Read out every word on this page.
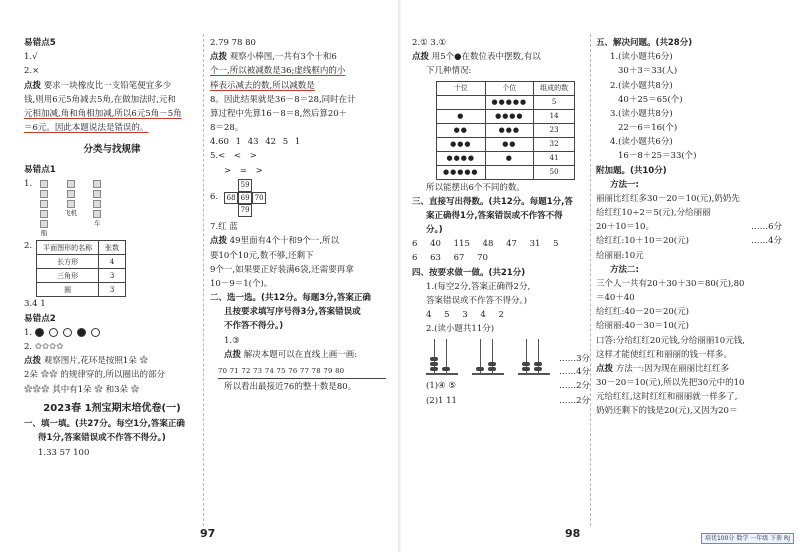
易错点5
1.√
2.×
点拨 要求一块橡皮比一支铅笔便宜多少
钱,则用6元5角减去5角,在做加法时,元和
元相加减,角和角相加减,所以6元5角－5角
＝6元。因此本题说法是错误的。
分类与找规律
易错点1
1.
船
飞机
车
2. 平面图形的名称	张数
长方形	4
三角形	3
圆	3
3.4 1
易错点2
1.
2. ✿✿✿✿
点拨 观察图片,花环是按照1朵 ✿
2朵 ✿✿ 的规律穿的,所以圈出的部分
✿✿✿ 其中有1朵 ✿ 和3朵 ✿
2023春 1剂宝期末培优卷(一)
一、填一填。(共27分。每空1分,答案正确
得1分,答案错误或不作答不得分。)
1.33 57 100
2.79 78 80
点拨 观察小棒图,一共有3个十和6
个一,所以被减数是36;虚线框内的小
棒表示减去的数,所以减数是
8。因此结果就是36－8＝28,同时在计
算过程中先算16－8＝8,然后算20＋
8＝28。
4.60 1 43 42 5 1
5.< < >
> = >
6.
59
68 69 70
79
7.红 蓝
点拨 49里面有4个十和9个一,所以
要10个10元,数不够,还剩下
9个一,如果要正好装满6袋,还需要再拿
10－9＝1(个)。
二、选一选。(共12分。每题3分,答案正确
且按要求填写序号得3分,答案错误或
不作答不得分。)
1.③
点拨 解决本题可以在直线上画一画:
70 71 72 73 74 75 76 77 78 79 80
所以看出最接近76的整十数是80。
97
2.① 3.①
点拨 用5个●在数位表中摆数,有以
下几种情况:
十位	个位	组成的数
	●●●●●	5
●	●●●●	14
●●	●●●	23
●●●	●●	32
●●●●	●	41
●●●●●		50
所以能摆出6个不同的数。
三、直接写出得数。(共12分。每题1分,答
案正确得1分,答案错误或不作答不得
分。)
6 40 115 48 47 31 5
6 63 67 70
四、按要求做一做。(共21分)
1.(每空2分,答案正确得2分,
答案错误或不作答不得分。)
4 5 3 4 2
2.(读小题共11分)
……3分
……4分
(1)④ ⑤	……2分
(2)1 11	……2分
98
五、解决问题。(共28分)
1.(读小题共6分)
30＋3＝33(人)
2.(读小题共8分)
40＋25＝65(个)
3.(读小题共8分)
22－6＝16(个)
4.(读小题共6分)
16－8＋25＝33(个)
附加题。(共10分)
方法一:
丽丽比红红多30－20＝10(元),奶奶先
给红红10÷2＝5(元),分给丽丽
20＋10＝10。	……6分
给红红:10＋10＝20(元)	……4分
给丽丽:10元
方法二:
三个人一共有20＋30＋30＝80(元),80
＝40＋40
给红红:40－20＝20(元)
给丽丽:40－30＝10(元)
口答:分给红红20元钱,分给丽丽10元钱,
这样才能使红红和丽丽的钱一样多。
点拨 方法一:因为现在丽丽比红红多
30－20＝10(元),所以先把30元中的10
元给红红,这时红红和丽丽就一样多了,
奶奶还剩下的钱是20(元),又因为20＝
培优100分 数学 一年级 下册 RJ
